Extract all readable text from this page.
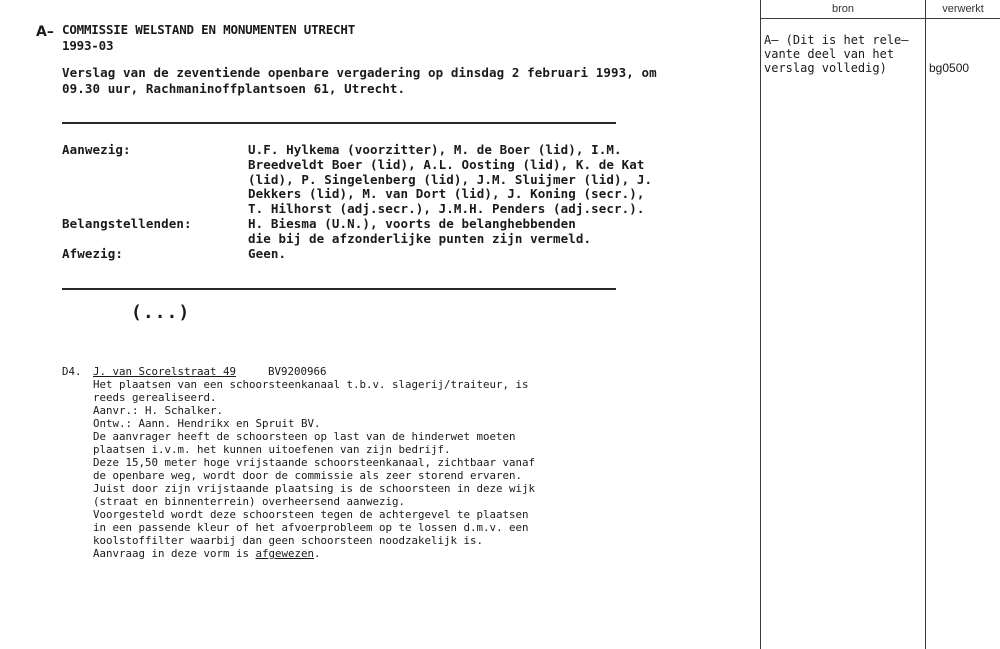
A– COMMISSIE WELSTAND EN MONUMENTEN UTRECHT
1993-03
Verslag van de zeventiende openbare vergadering op dinsdag 2 februari 1993, om
09.30 uur, Rachmaninoffplantsoen 61, Utrecht.
Aanwezig:	U.F. Hylkema (voorzitter), M. de Boer (lid), I.M.
Breedveldt Boer (lid), A.L. Oosting (lid), K. de Kat
(lid), P. Singelenberg (lid), J.M. Sluijmer (lid), J.
Dekkers (lid), M. van Dort (lid), J. Koning (secr.),
T. Hilhorst (adj.secr.), J.M.H. Penders (adj.secr.).
Belangstellenden:	H. Biesma (U.N.), voorts de belanghebbenden
die bij de afzonderlijke punten zijn vermeld.
Afwezig:	Geen.
(...)
D4. J. van Scorelstraat 49	BV9200966
Het plaatsen van een schoorsteenkanaal t.b.v. slagerij/traiteur, is
reeds gerealiseerd.
Aanvr.: H. Schalker.
Ontw.: Aann. Hendrikx en Spruit BV.
De aanvrager heeft de schoorsteen op last van de hinderwet moeten
plaatsen i.v.m. het kunnen uitoefenen van zijn bedrijf.
Deze 15,50 meter hoge vrijstaande schoorsteenkanaal, zichtbaar vanaf
de openbare weg, wordt door de commissie als zeer storend ervaren.
Juist door zijn vrijstaande plaatsing is de schoorsteen in deze wijk
(straat en binnenterrein) overheersend aanwezig.
Voorgesteld wordt deze schoorsteen tegen de achtergevel te plaatsen
in een passende kleur of het afvoerprobleem op te lossen d.m.v. een
koolstoffilter waarbij dan geen schoorsteen noodzakelijk is.
Aanvraag in deze vorm is afgewezen.
bron	verwerkt
A– (Dit is het rele–
vante deel van het
verslag volledig)	bg0500
